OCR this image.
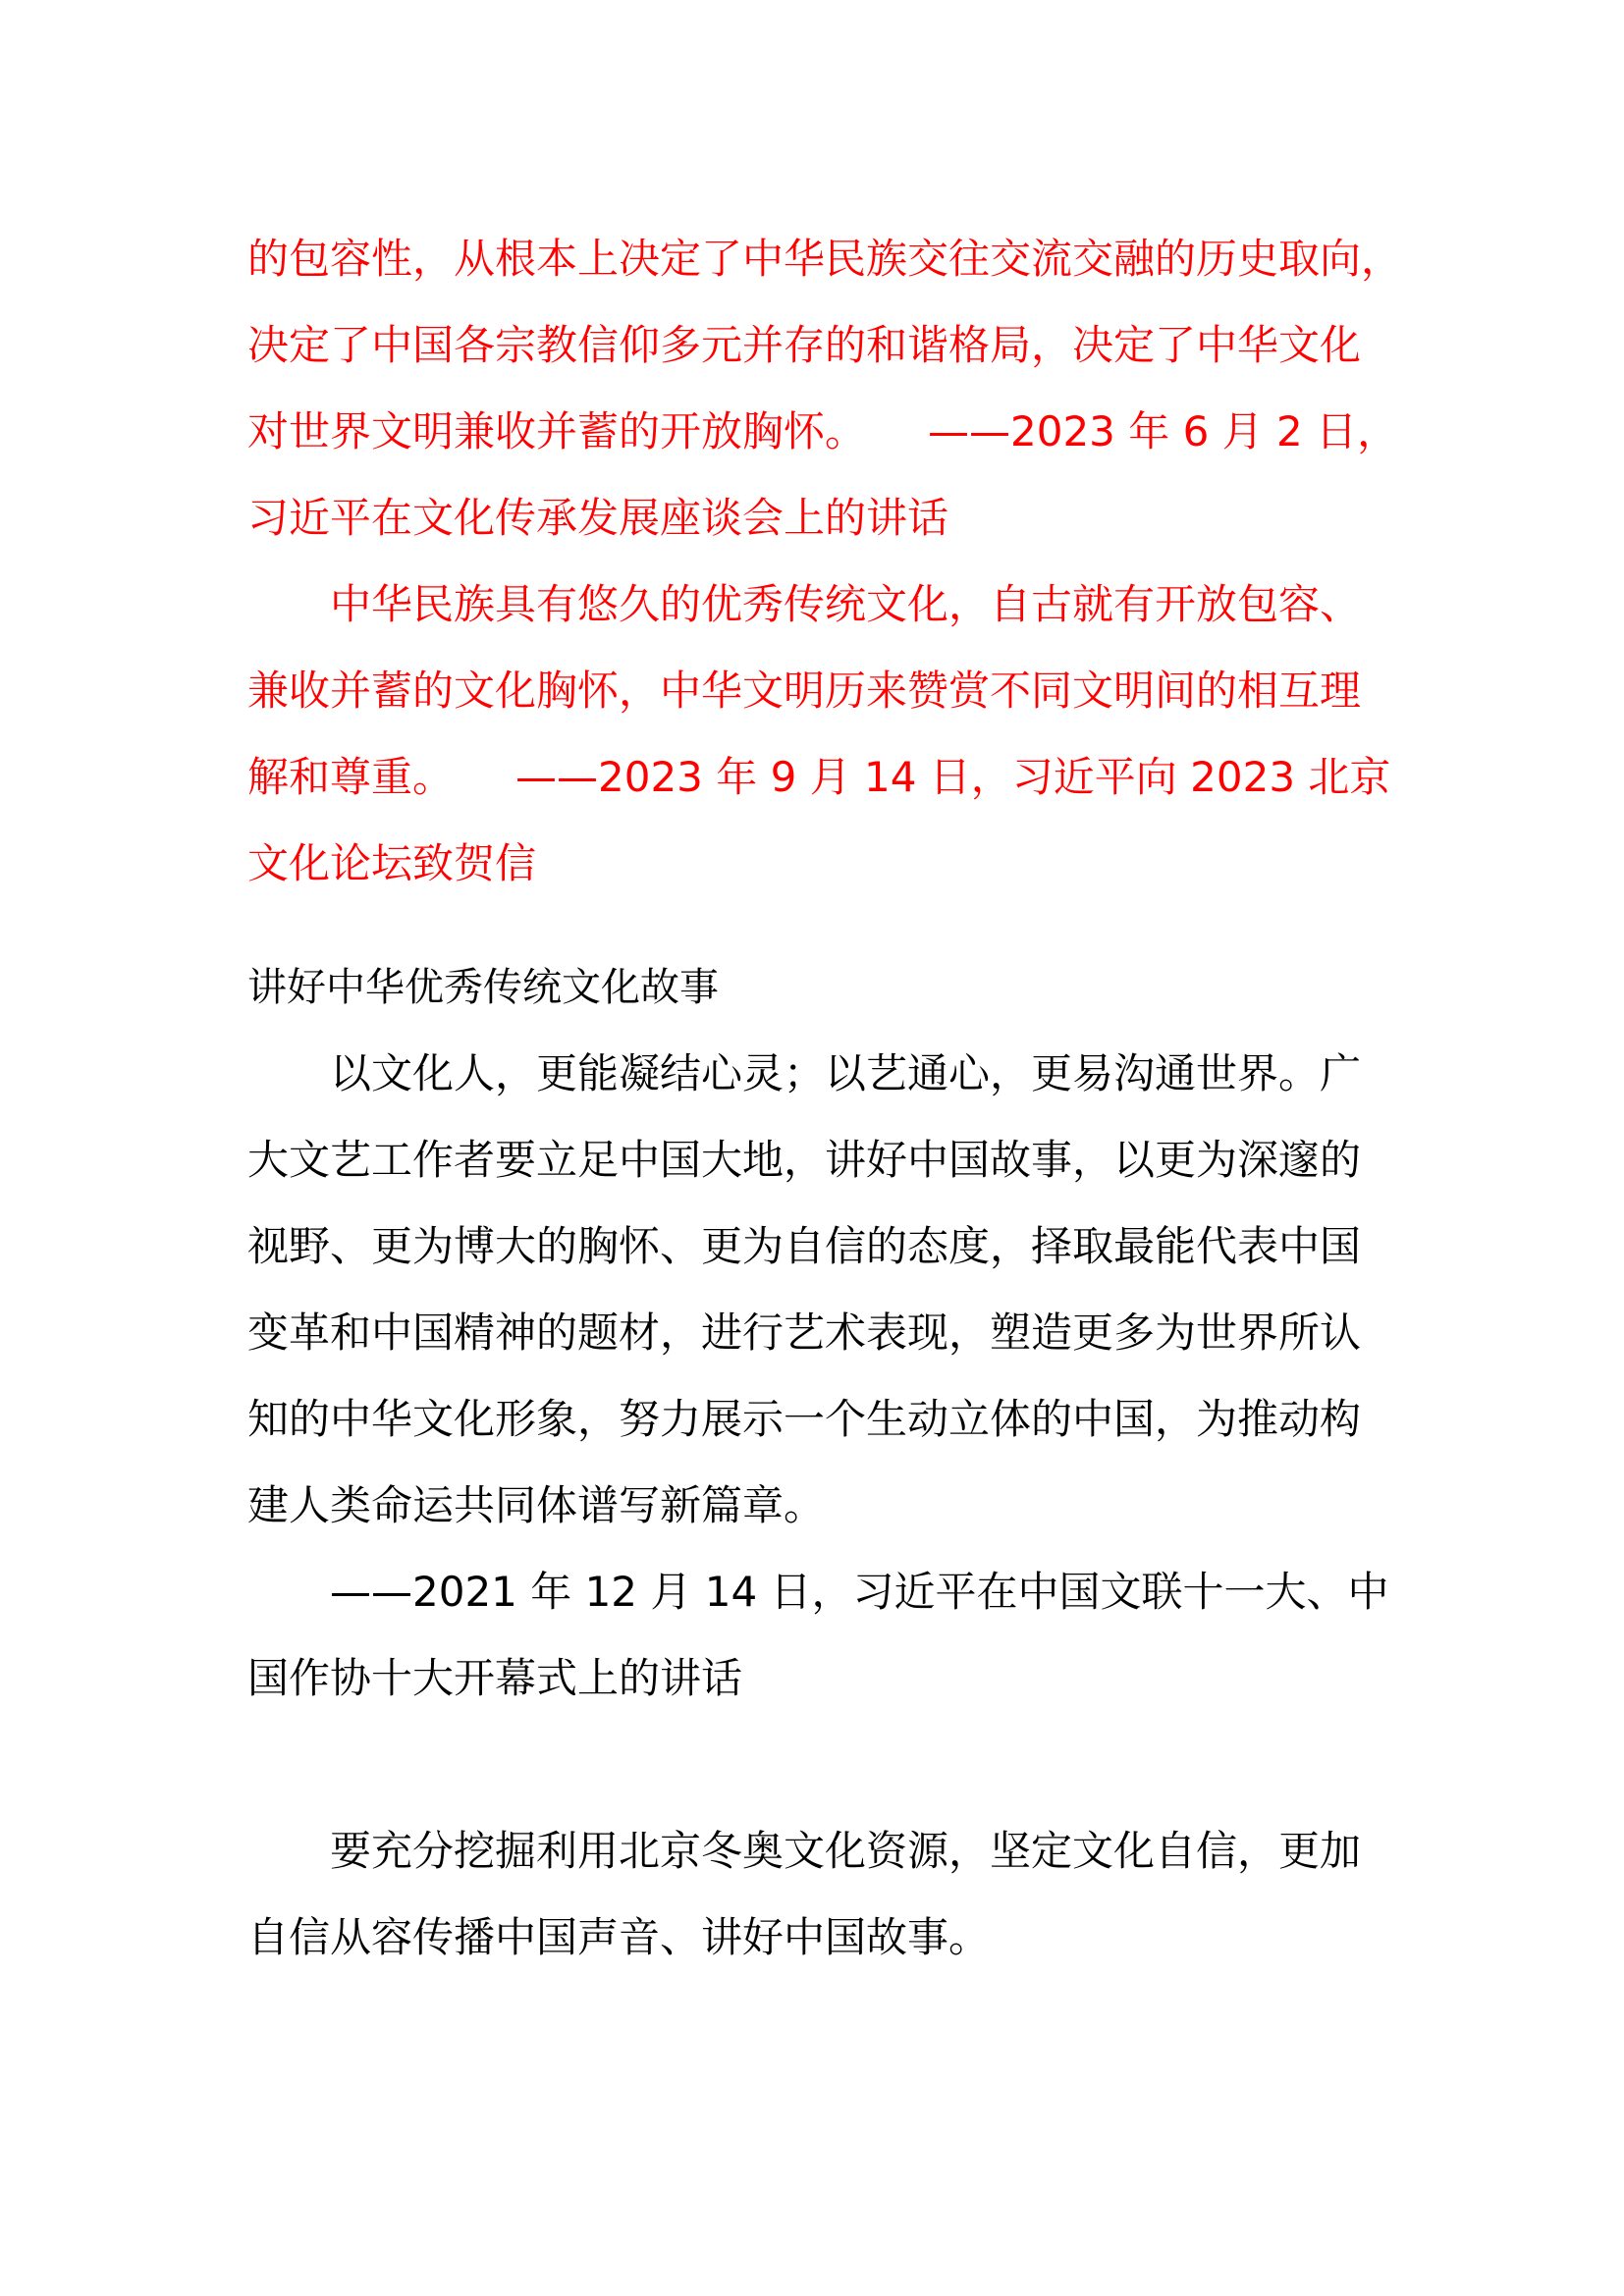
的包容性，从根本上决定了中华民族交往交流交融的历史取向，
决定了中国各宗教信仰多元并存的和谐格局，决定了中华文化
对世界文明兼收并蓄的开放胸怀。　　——2023 年 6 月 2 日，
习近平在文化传承发展座谈会上的讲话
中华民族具有悠久的优秀传统文化，自古就有开放包容、
兼收并蓄的文化胸怀，中华文明历来赞赏不同文明间的相互理
解和尊重。　　——2023 年 9 月 14 日，习近平向 2023 北京
文化论坛致贺信
讲好中华优秀传统文化故事
以文化人，更能凝结心灵；以艺通心，更易沟通世界。广
大文艺工作者要立足中国大地，讲好中国故事，以更为深邃的
视野、更为博大的胸怀、更为自信的态度，择取最能代表中国
变革和中国精神的题材，进行艺术表现，塑造更多为世界所认
知的中华文化形象，努力展示一个生动立体的中国，为推动构
建人类命运共同体谱写新篇章。
——2021 年 12 月 14 日，习近平在中国文联十一大、中
国作协十大开幕式上的讲话
要充分挖掘利用北京冬奥文化资源，坚定文化自信，更加
自信从容传播中国声音、讲好中国故事。
